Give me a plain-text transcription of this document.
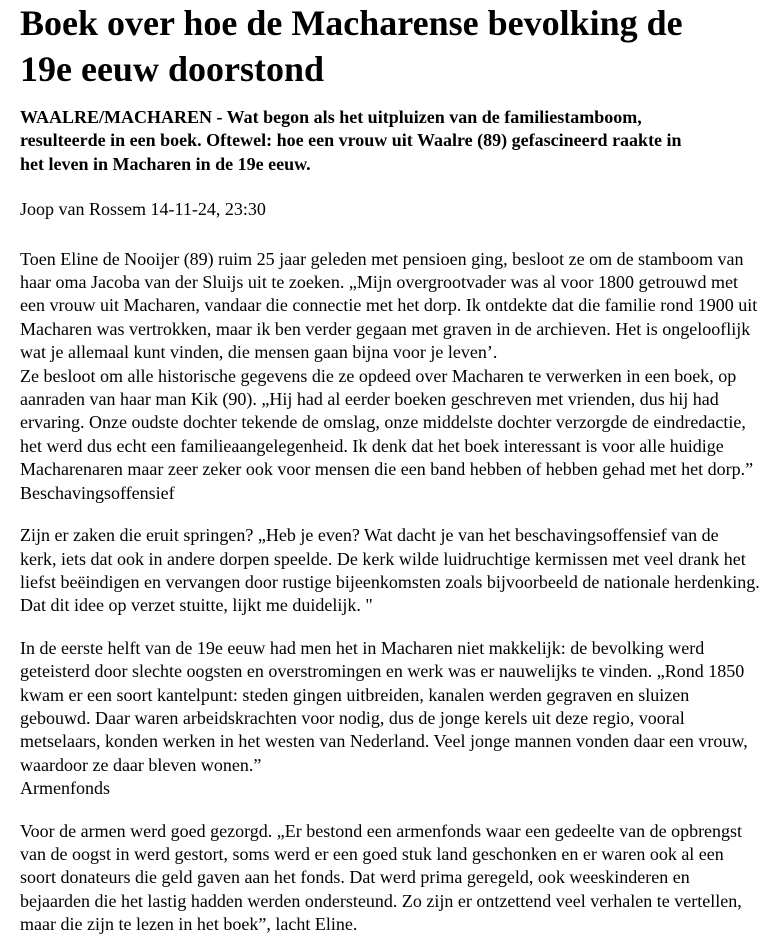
Boek over hoe de Macharense bevolking de
19e eeuw doorstond

WAALRE/MACHAREN - Wat begon als het uitpluizen van de familiestamboom,
resulteerde in een boek. Oftewel: hoe een vrouw uit Waalre (89) gefascineerd raakte in
het leven in Macharen in de 19e eeuw.

Joop van Rossem 14-11-24, 23:30

Toen Eline de Nooijer (89) ruim 25 jaar geleden met pensioen ging, besloot ze om de stamboom van
haar oma Jacoba van der Sluijs uit te zoeken. „Mijn overgrootvader was al voor 1800 getrouwd met
een vrouw uit Macharen, vandaar die connectie met het dorp. Ik ontdekte dat die familie rond 1900 uit
Macharen was vertrokken, maar ik ben verder gegaan met graven in de archieven. Het is ongelooflijk
wat je allemaal kunt vinden, die mensen gaan bijna voor je leven’.
Ze besloot om alle historische gegevens die ze opdeed over Macharen te verwerken in een boek, op
aanraden van haar man Kik (90). „Hij had al eerder boeken geschreven met vrienden, dus hij had
ervaring. Onze oudste dochter tekende de omslag, onze middelste dochter verzorgde de eindredactie,
het werd dus echt een familieaangelegenheid. Ik denk dat het boek interessant is voor alle huidige
Macharenaren maar zeer zeker ook voor mensen die een band hebben of hebben gehad met het dorp.”
Beschavingsoffensief

Zijn er zaken die eruit springen? „Heb je even? Wat dacht je van het beschavingsoffensief van de
kerk, iets dat ook in andere dorpen speelde. De kerk wilde luidruchtige kermissen met veel drank het
liefst beëindigen en vervangen door rustige bijeenkomsten zoals bijvoorbeeld de nationale herdenking.
Dat dit idee op verzet stuitte, lijkt me duidelijk. "

In de eerste helft van de 19e eeuw had men het in Macharen niet makkelijk: de bevolking werd
geteisterd door slechte oogsten en overstromingen en werk was er nauwelijks te vinden. „Rond 1850
kwam er een soort kantelpunt: steden gingen uitbreiden, kanalen werden gegraven en sluizen
gebouwd. Daar waren arbeidskrachten voor nodig, dus de jonge kerels uit deze regio, vooral
metselaars, konden werken in het westen van Nederland. Veel jonge mannen vonden daar een vrouw,
waardoor ze daar bleven wonen.”
Armenfonds

Voor de armen werd goed gezorgd. „Er bestond een armenfonds waar een gedeelte van de opbrengst
van de oogst in werd gestort, soms werd er een goed stuk land geschonken en er waren ook al een
soort donateurs die geld gaven aan het fonds. Dat werd prima geregeld, ook weeskinderen en
bejaarden die het lastig hadden werden ondersteund. Zo zijn er ontzettend veel verhalen te vertellen,
maar die zijn te lezen in het boek”, lacht Eline.
